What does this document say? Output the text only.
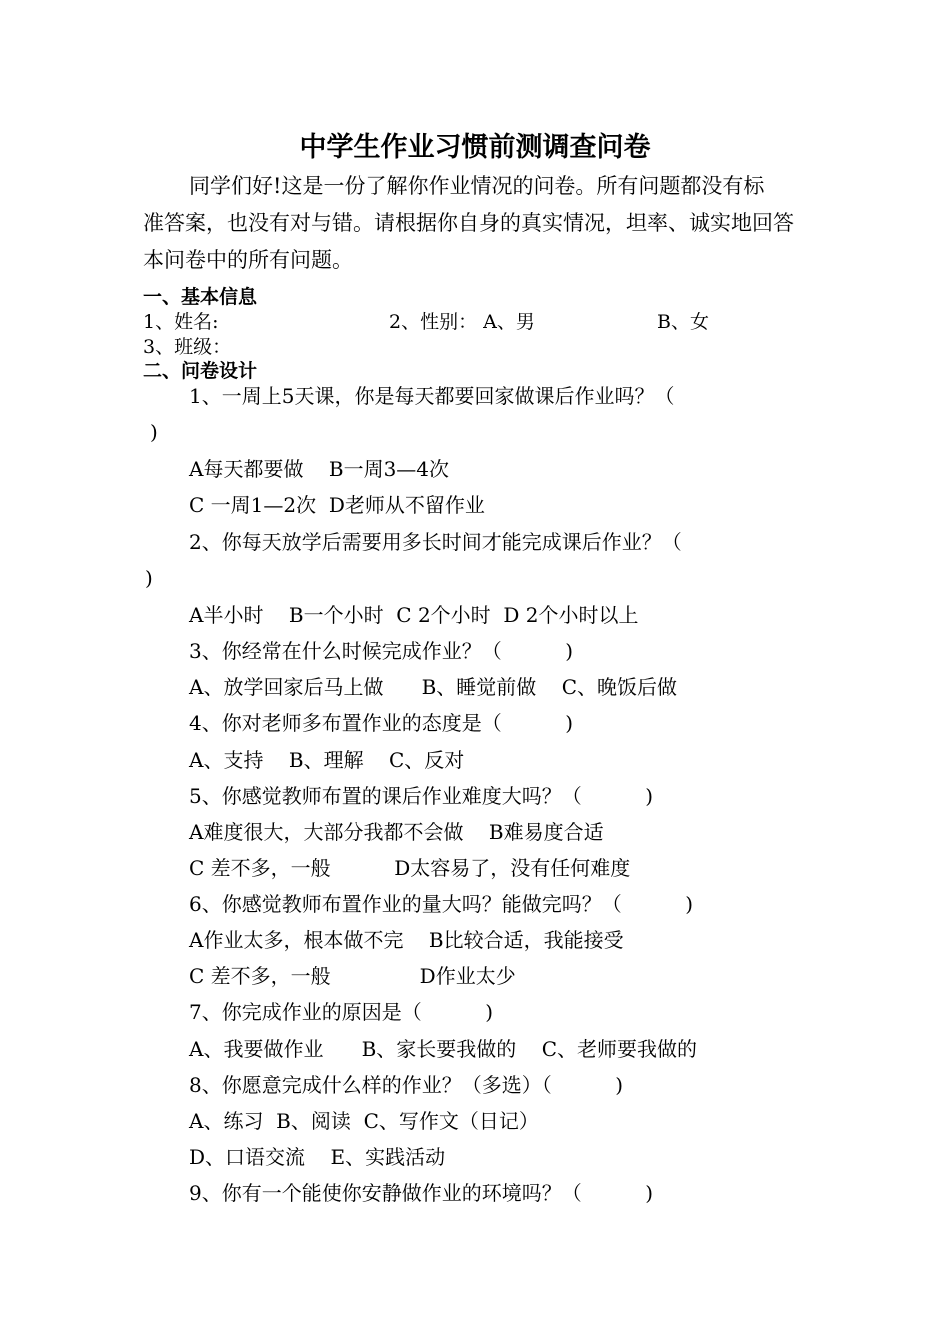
中学生作业习惯前测调查问卷
同学们好!这是一份了解你作业情况的问卷。所有问题都没有标
准答案，也没有对与错。请根据你自身的真实情况，坦率、诚实地回答
本问卷中的所有问题。
一、基本信息
1、姓名:	2、性别： A、男	B、女
3、班级：
二、问卷设计
1、一周上5天课，你是每天都要回家做课后作业吗？（
)
A每天都要做    B一周3—4次
C 一周1—2次  D老师从不留作业
2、你每天放学后需要用多长时间才能完成课后作业？（
)
A半小时    B一个小时  C 2个小时  D 2个小时以上
3、你经常在什么时候完成作业？（          )
A、放学回家后马上做      B、睡觉前做    C、晚饭后做
4、你对老师多布置作业的态度是（          )
A、支持    B、理解    C、反对
5、你感觉教师布置的课后作业难度大吗？（          )
A难度很大，大部分我都不会做    B难易度合适
C 差不多，一般          D太容易了，没有任何难度
6、你感觉教师布置作业的量大吗？能做完吗？（          )
A作业太多，根本做不完    B比较合适，我能接受
C 差不多，一般              D作业太少
7、你完成作业的原因是（          )
A、我要做作业      B、家长要我做的    C、老师要我做的
8、你愿意完成什么样的作业？（多选）（          )
A、练习  B、阅读  C、写作文（日记）
D、口语交流    E、实践活动
9、你有一个能使你安静做作业的环境吗？（          )
